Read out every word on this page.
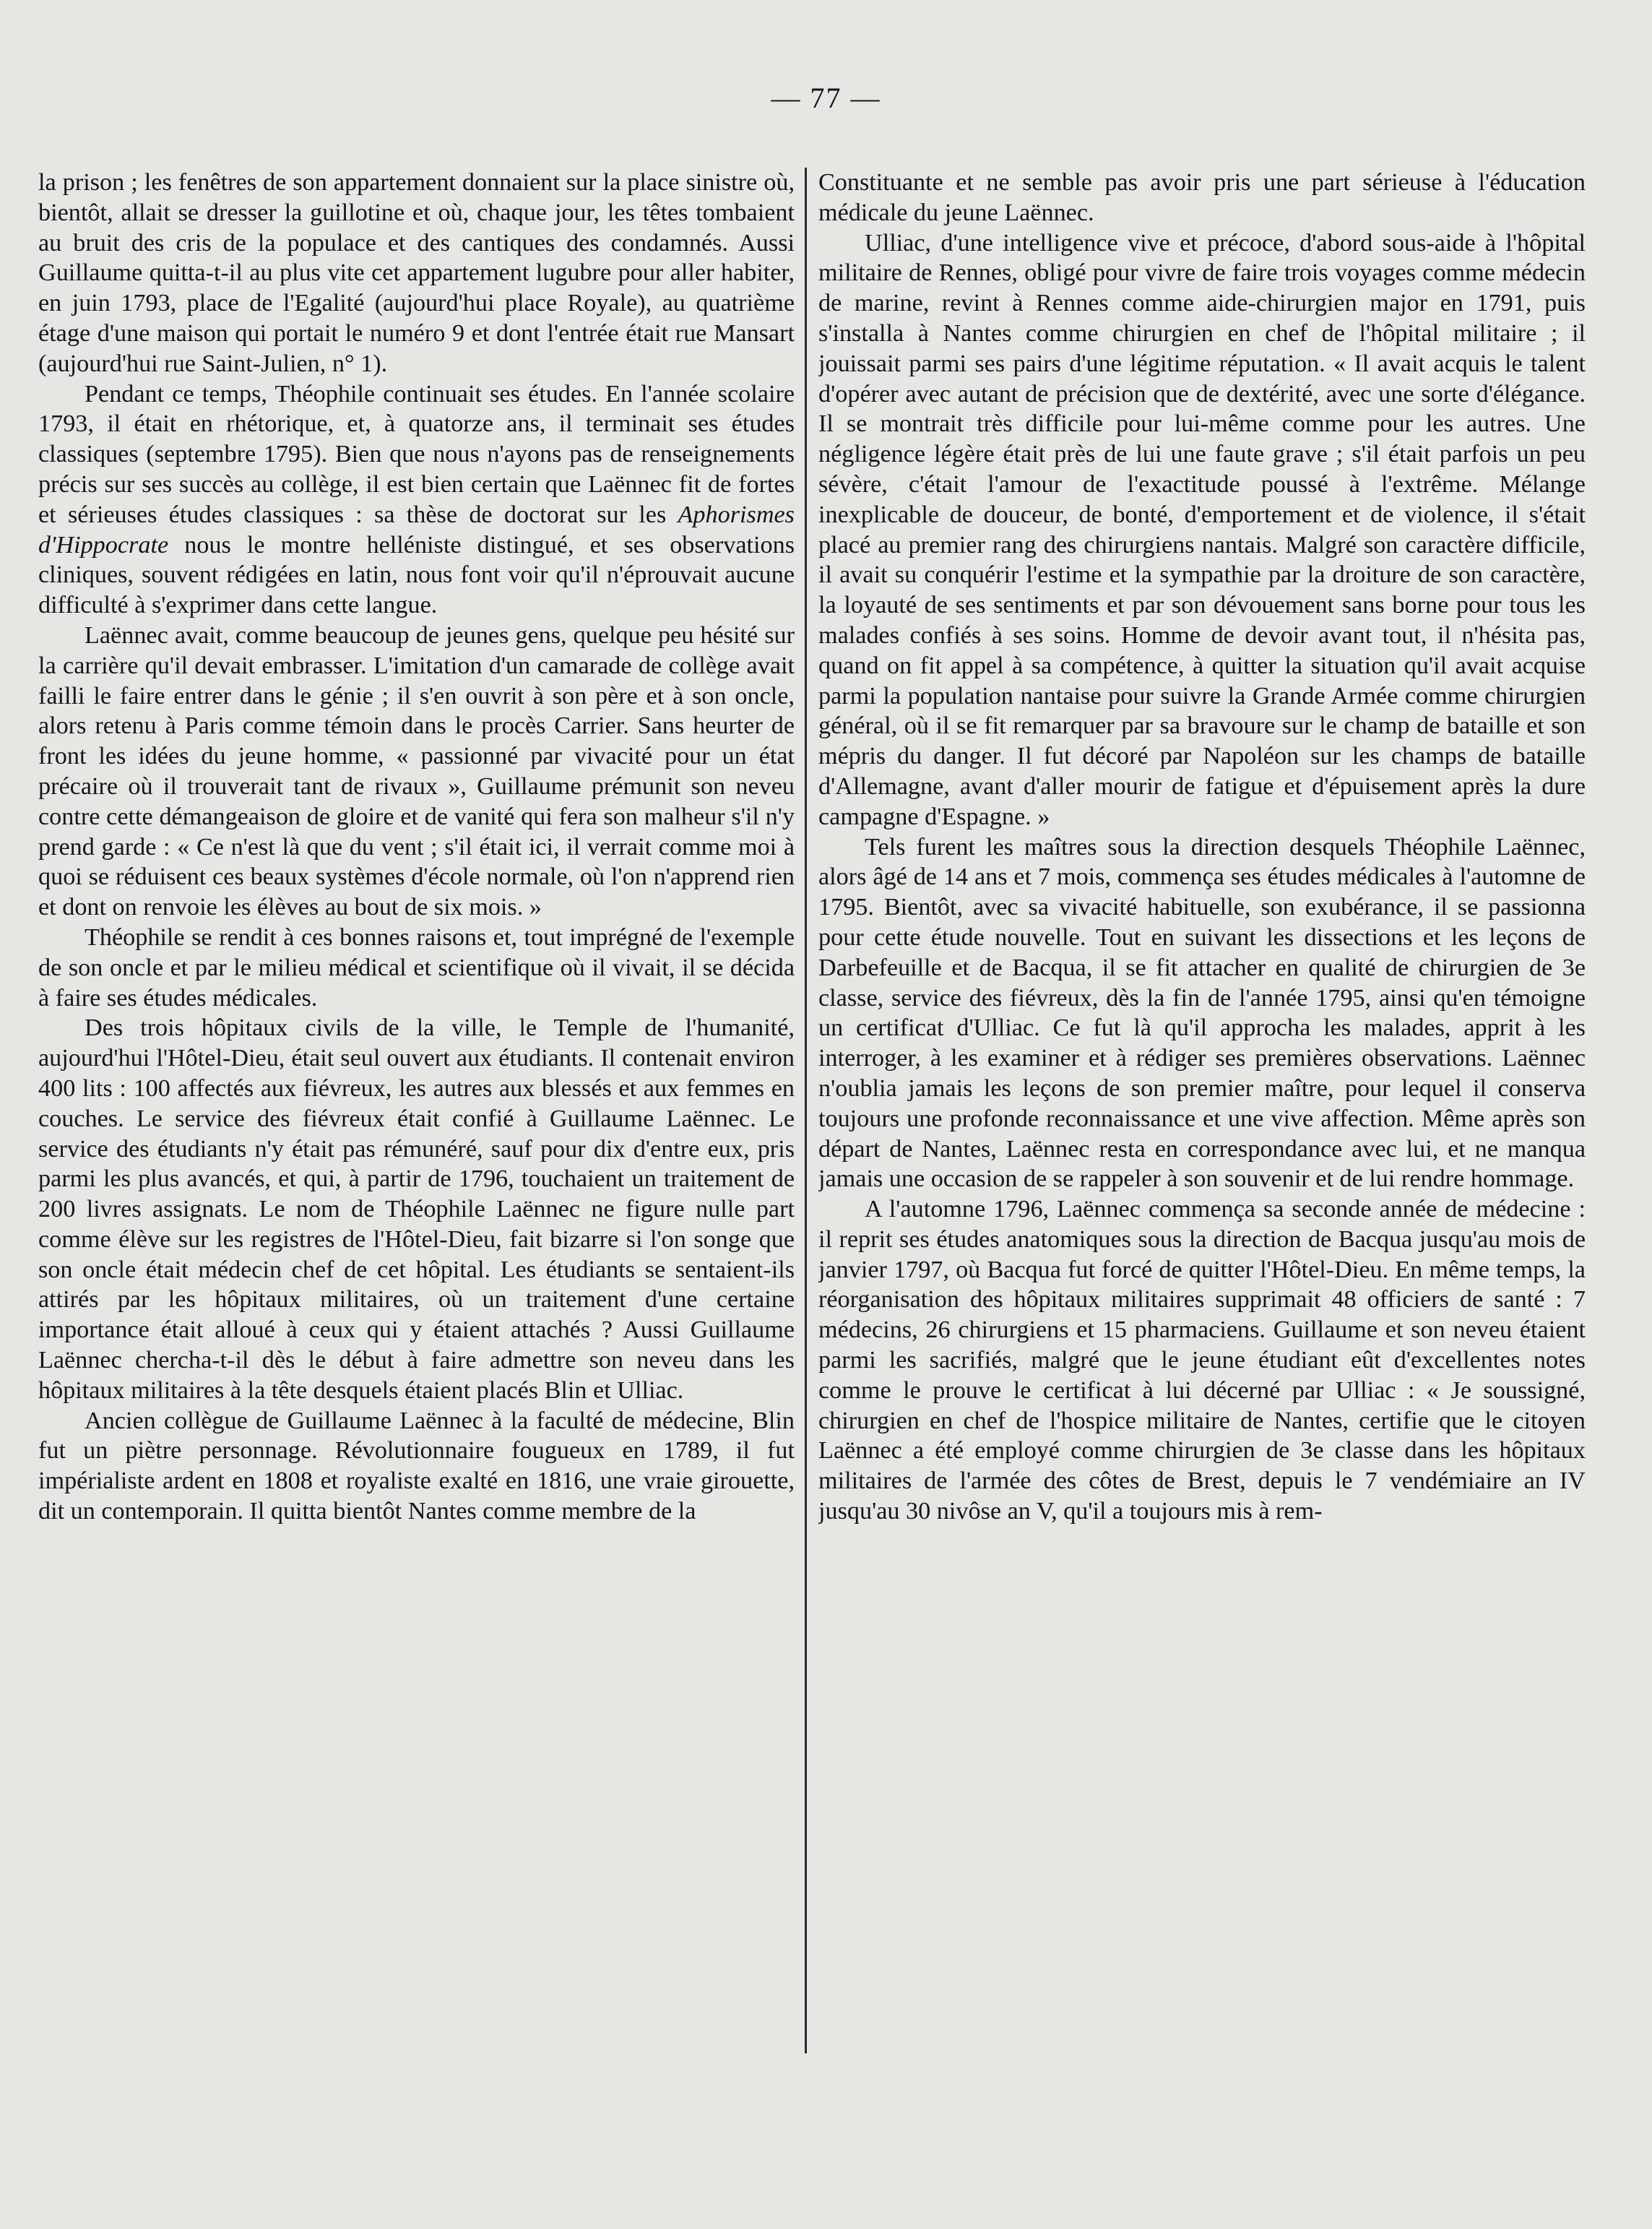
— 77 —

la prison ; les fenêtres de son appartement donnaient sur la place sinistre où, bientôt, allait se dresser la guillotine et où, chaque jour, les têtes tombaient au bruit des cris de la populace et des cantiques des condamnés. Aussi Guillaume quitta-t-il au plus vite cet appartement lugubre pour aller habiter, en juin 1793, place de l'Egalité (aujourd'hui place Royale), au quatrième étage d'une maison qui portait le numéro 9 et dont l'entrée était rue Mansart (aujourd'hui rue Saint-Julien, n° 1).

Pendant ce temps, Théophile continuait ses études. En l'année scolaire 1793, il était en rhétorique, et, à quatorze ans, il terminait ses études classiques (septembre 1795). Bien que nous n'ayons pas de renseignements précis sur ses succès au collège, il est bien certain que Laënnec fit de fortes et sérieuses études classiques : sa thèse de doctorat sur les Aphorismes d'Hippocrate nous le montre helléniste distingué, et ses observations cliniques, souvent rédigées en latin, nous font voir qu'il n'éprouvait aucune difficulté à s'exprimer dans cette langue.

Laënnec avait, comme beaucoup de jeunes gens, quelque peu hésité sur la carrière qu'il devait embrasser. L'imitation d'un camarade de collège avait failli le faire entrer dans le génie ; il s'en ouvrit à son père et à son oncle, alors retenu à Paris comme témoin dans le procès Carrier. Sans heurter de front les idées du jeune homme, « passionné par vivacité pour un état précaire où il trouverait tant de rivaux », Guillaume prémunit son neveu contre cette démangeaison de gloire et de vanité qui fera son malheur s'il n'y prend garde : « Ce n'est là que du vent ; s'il était ici, il verrait comme moi à quoi se réduisent ces beaux systèmes d'école normale, où l'on n'apprend rien et dont on renvoie les élèves au bout de six mois. »

Théophile se rendit à ces bonnes raisons et, tout imprégné de l'exemple de son oncle et par le milieu médical et scientifique où il vivait, il se décida à faire ses études médicales.

Des trois hôpitaux civils de la ville, le Temple de l'humanité, aujourd'hui l'Hôtel-Dieu, était seul ouvert aux étudiants. Il contenait environ 400 lits : 100 affectés aux fiévreux, les autres aux blessés et aux femmes en couches. Le service des fiévreux était confié à Guillaume Laënnec. Le service des étudiants n'y était pas rémunéré, sauf pour dix d'entre eux, pris parmi les plus avancés, et qui, à partir de 1796, touchaient un traitement de 200 livres assignats. Le nom de Théophile Laënnec ne figure nulle part comme élève sur les registres de l'Hôtel-Dieu, fait bizarre si l'on songe que son oncle était médecin chef de cet hôpital. Les étudiants se sentaient-ils attirés par les hôpitaux militaires, où un traitement d'une certaine importance était alloué à ceux qui y étaient attachés ? Aussi Guillaume Laënnec chercha-t-il dès le début à faire admettre son neveu dans les hôpitaux militaires à la tête desquels étaient placés Blin et Ulliac.

Ancien collègue de Guillaume Laënnec à la faculté de médecine, Blin fut un piètre personnage. Révolutionnaire fougueux en 1789, il fut impérialiste ardent en 1808 et royaliste exalté en 1816, une vraie girouette, dit un contemporain. Il quitta bientôt Nantes comme membre de la

Constituante et ne semble pas avoir pris une part sérieuse à l'éducation médicale du jeune Laënnec.

Ulliac, d'une intelligence vive et précoce, d'abord sous-aide à l'hôpital militaire de Rennes, obligé pour vivre de faire trois voyages comme médecin de marine, revint à Rennes comme aide-chirurgien major en 1791, puis s'installa à Nantes comme chirurgien en chef de l'hôpital militaire ; il jouissait parmi ses pairs d'une légitime réputation. « Il avait acquis le talent d'opérer avec autant de précision que de dextérité, avec une sorte d'élégance. Il se montrait très difficile pour lui-même comme pour les autres. Une négligence légère était près de lui une faute grave ; s'il était parfois un peu sévère, c'était l'amour de l'exactitude poussé à l'extrême. Mélange inexplicable de douceur, de bonté, d'emportement et de violence, il s'était placé au premier rang des chirurgiens nantais. Malgré son caractère difficile, il avait su conquérir l'estime et la sympathie par la droiture de son caractère, la loyauté de ses sentiments et par son dévouement sans borne pour tous les malades confiés à ses soins. Homme de devoir avant tout, il n'hésita pas, quand on fit appel à sa compétence, à quitter la situation qu'il avait acquise parmi la population nantaise pour suivre la Grande Armée comme chirurgien général, où il se fit remarquer par sa bravoure sur le champ de bataille et son mépris du danger. Il fut décoré par Napoléon sur les champs de bataille d'Allemagne, avant d'aller mourir de fatigue et d'épuisement après la dure campagne d'Espagne. »

Tels furent les maîtres sous la direction desquels Théophile Laënnec, alors âgé de 14 ans et 7 mois, commença ses études médicales à l'automne de 1795. Bientôt, avec sa vivacité habituelle, son exubérance, il se passionna pour cette étude nouvelle. Tout en suivant les dissections et les leçons de Darbefeuille et de Bacqua, il se fit attacher en qualité de chirurgien de 3e classe, service des fiévreux, dès la fin de l'année 1795, ainsi qu'en témoigne un certificat d'Ulliac. Ce fut là qu'il approcha les malades, apprit à les interroger, à les examiner et à rédiger ses premières observations. Laënnec n'oublia jamais les leçons de son premier maître, pour lequel il conserva toujours une profonde reconnaissance et une vive affection. Même après son départ de Nantes, Laënnec resta en correspondance avec lui, et ne manqua jamais une occasion de se rappeler à son souvenir et de lui rendre hommage.

A l'automne 1796, Laënnec commença sa seconde année de médecine : il reprit ses études anatomiques sous la direction de Bacqua jusqu'au mois de janvier 1797, où Bacqua fut forcé de quitter l'Hôtel-Dieu. En même temps, la réorganisation des hôpitaux militaires supprimait 48 officiers de santé : 7 médecins, 26 chirurgiens et 15 pharmaciens. Guillaume et son neveu étaient parmi les sacrifiés, malgré que le jeune étudiant eût d'excellentes notes comme le prouve le certificat à lui décerné par Ulliac : « Je soussigné, chirurgien en chef de l'hospice militaire de Nantes, certifie que le citoyen Laënnec a été employé comme chirurgien de 3e classe dans les hôpitaux militaires de l'armée des côtes de Brest, depuis le 7 vendémiaire an IV jusqu'au 30 nivôse an V, qu'il a toujours mis à rem-
